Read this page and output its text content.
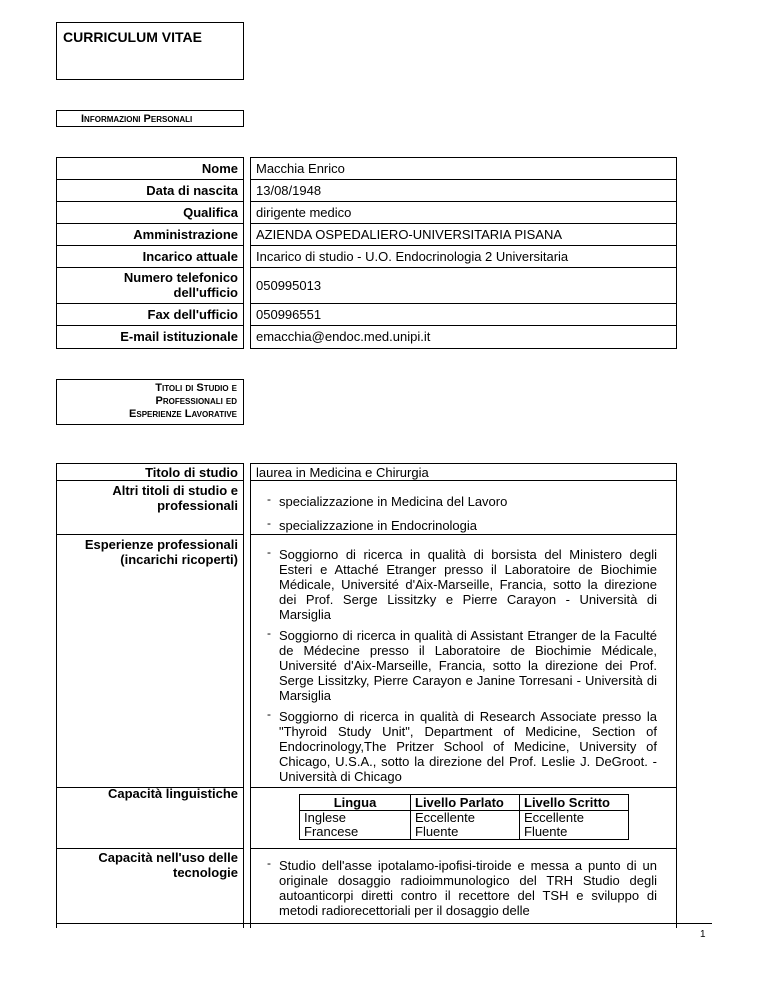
CURRICULUM VITAE
Informazioni Personali
Nome	Macchia Enrico
Data di nascita	13/08/1948
Qualifica	dirigente medico
Amministrazione	AZIENDA OSPEDALIERO-UNIVERSITARIA PISANA
Incarico attuale	Incarico di studio - U.O. Endocrinologia 2 Universitaria
Numero telefonico
dell'ufficio	050995013
Fax dell'ufficio	050996551
E-mail istituzionale	emacchia@endoc.med.unipi.it
Titoli di Studio e
Professionali ed
Esperienze Lavorative
Titolo di studio	laurea in Medicina e Chirurgia
Altri titoli di studio e
professionali	- specializzazione in Medicina del Lavoro
- specializzazione in Endocrinologia
Esperienze professionali
(incarichi ricoperti)	- Soggiorno di ricerca in qualità di borsista del Ministero degli Esteri e Attaché Etranger presso il Laboratoire de Biochimie Médicale, Université d'Aix-Marseille, Francia, sotto la direzione dei Prof. Serge Lissitzky e Pierre Carayon - Università di Marsiglia
- Soggiorno di ricerca in qualità di Assistant Etranger de la Faculté de Médecine presso il Laboratoire de Biochimie Médicale, Université d'Aix-Marseille, Francia, sotto la direzione dei Prof. Serge Lissitzky, Pierre Carayon e Janine Torresani - Università di Marsiglia
- Soggiorno di ricerca in qualità di Research Associate presso la "Thyroid Study Unit", Department of Medicine, Section of Endocrinology,The Pritzer School of Medicine, University of Chicago, U.S.A., sotto la direzione del Prof. Leslie J. DeGroot. - Università di Chicago
Capacità linguistiche
Lingua	Livello Parlato	Livello Scritto
Inglese	Eccellente	Eccellente
Francese	Fluente	Fluente
Capacità nell'uso delle
tecnologie
- Studio dell'asse ipotalamo-ipofisi-tiroide e messa a punto di un originale dosaggio radioimmunologico del TRH Studio degli autoanticorpi diretti contro il recettore del TSH e sviluppo di metodi radiorecettoriali per il dosaggio delle
1
